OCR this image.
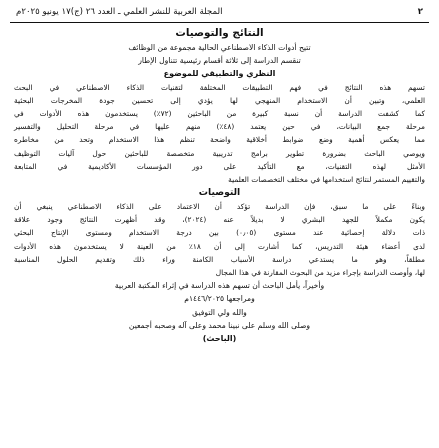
٢
المجلة العربية للنشر العلمي ـ العدد ٢٦ (ج)١٧ يونيو ٢٠٢٥م
النتائج والتوصيات
تتيح أدوات الذكاء الاصطناعي الحالية مجموعة من الوظائف
تنقسم الدراسة إلى ثلاثة أقسام رئيسية تتناول الإطار
النظري والتطبيقي للموضوع
تسهم هذه النتائج في فهم التطبيقات المختلفة لتقنيات الذكاء الاصطناعي في البحث
العلمي، وتبين أن الاستخدام المنهجي لها يؤدي إلى تحسين جودة المخرجات البحثية
كما كشفت الدراسة أن نسبة كبيرة من الباحثين (٧٢٪) يستخدمون هذه الأدوات في
مرحلة جمع البيانات، في حين يعتمد (٤٨٪) منهم عليها في مرحلة التحليل والتفسير
مما يعكس أهمية وضع ضوابط أخلاقية واضحة تنظم هذا الاستخدام وتحد من مخاطره
ويوصي الباحث بضرورة تطوير برامج تدريبية متخصصة للباحثين حول آليات التوظيف
الأمثل لهذه التقنيات، مع التأكيد على دور المؤسسات الأكاديمية في المتابعة
والتقييم المستمر لنتائج استخدامها في مختلف التخصصات العلمية
التوصيات
وبناءً على ما سبق، فإن الدراسة تؤكد أن الاعتماد على الذكاء الاصطناعي ينبغي أن
يكون مكملاً للجهد البشري لا بديلاً عنه (٢٠٢٤)، وقد أظهرت النتائج وجود علاقة
ذات دلالة إحصائية عند مستوى (٠٫٠٥) بين درجة الاستخدام ومستوى الإنتاج البحثي
لدى أعضاء هيئة التدريس، كما أشارت إلى أن ١٨٪ من العينة لا يستخدمون هذه الأدوات
مطلقاً، وهو ما يستدعي دراسة الأسباب الكامنة وراء ذلك وتقديم الحلول المناسبة
لها، وأوصت الدراسة بإجراء مزيد من البحوث المقارنة في هذا المجال
وأخيراً، يأمل الباحث أن تسهم هذه الدراسة في إثراء المكتبة العربية
ومراجعها ١٤٤٦/٢٠٢٥م
والله ولي التوفيق
وصلى الله وسلم على نبينا محمد وعلى آله وصحبه أجمعين
(الباحث)
